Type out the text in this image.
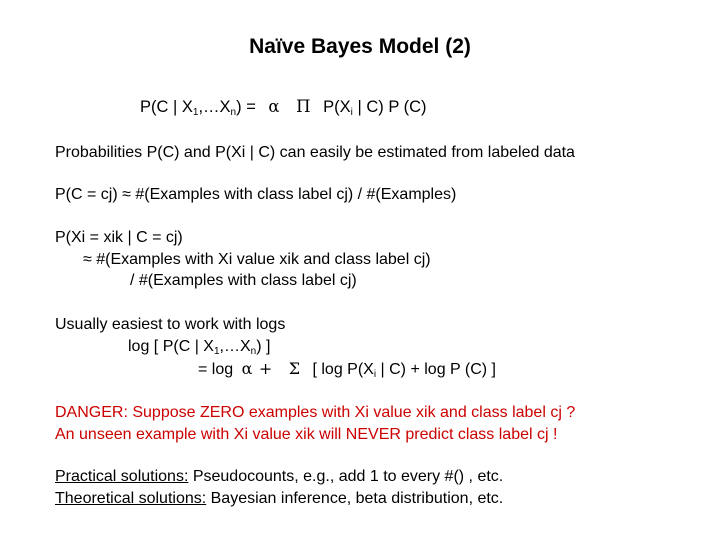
Naïve Bayes Model (2)
P(C | $X_1,\dots X_n) = \alpha$ Π $P(X_i$ | C) P (C)
Probabilities P(C) and P(Xi | C) can easily be estimated from labeled data
P(C = cj) ≈ #(Examples with class label cj) / #(Examples)
P(Xi = xik | C = cj)
≈ #(Examples with Xi value xik and class label cj)
/ #(Examples with class label cj)
Usually easiest to work with logs
log [ P(C | $X_1,\dots X_n$) ]
= log α + Σ [ $\log P(X_i$ | C) + log P (C) ]
DANGER: Suppose ZERO examples with Xi value xik and class label cj ?
An unseen example with Xi value xik will NEVER predict class label cj !
Practical solutions: Pseudocounts, e.g., add 1 to every #() , etc.
Theoretical solutions: Bayesian inference, beta distribution, etc.
